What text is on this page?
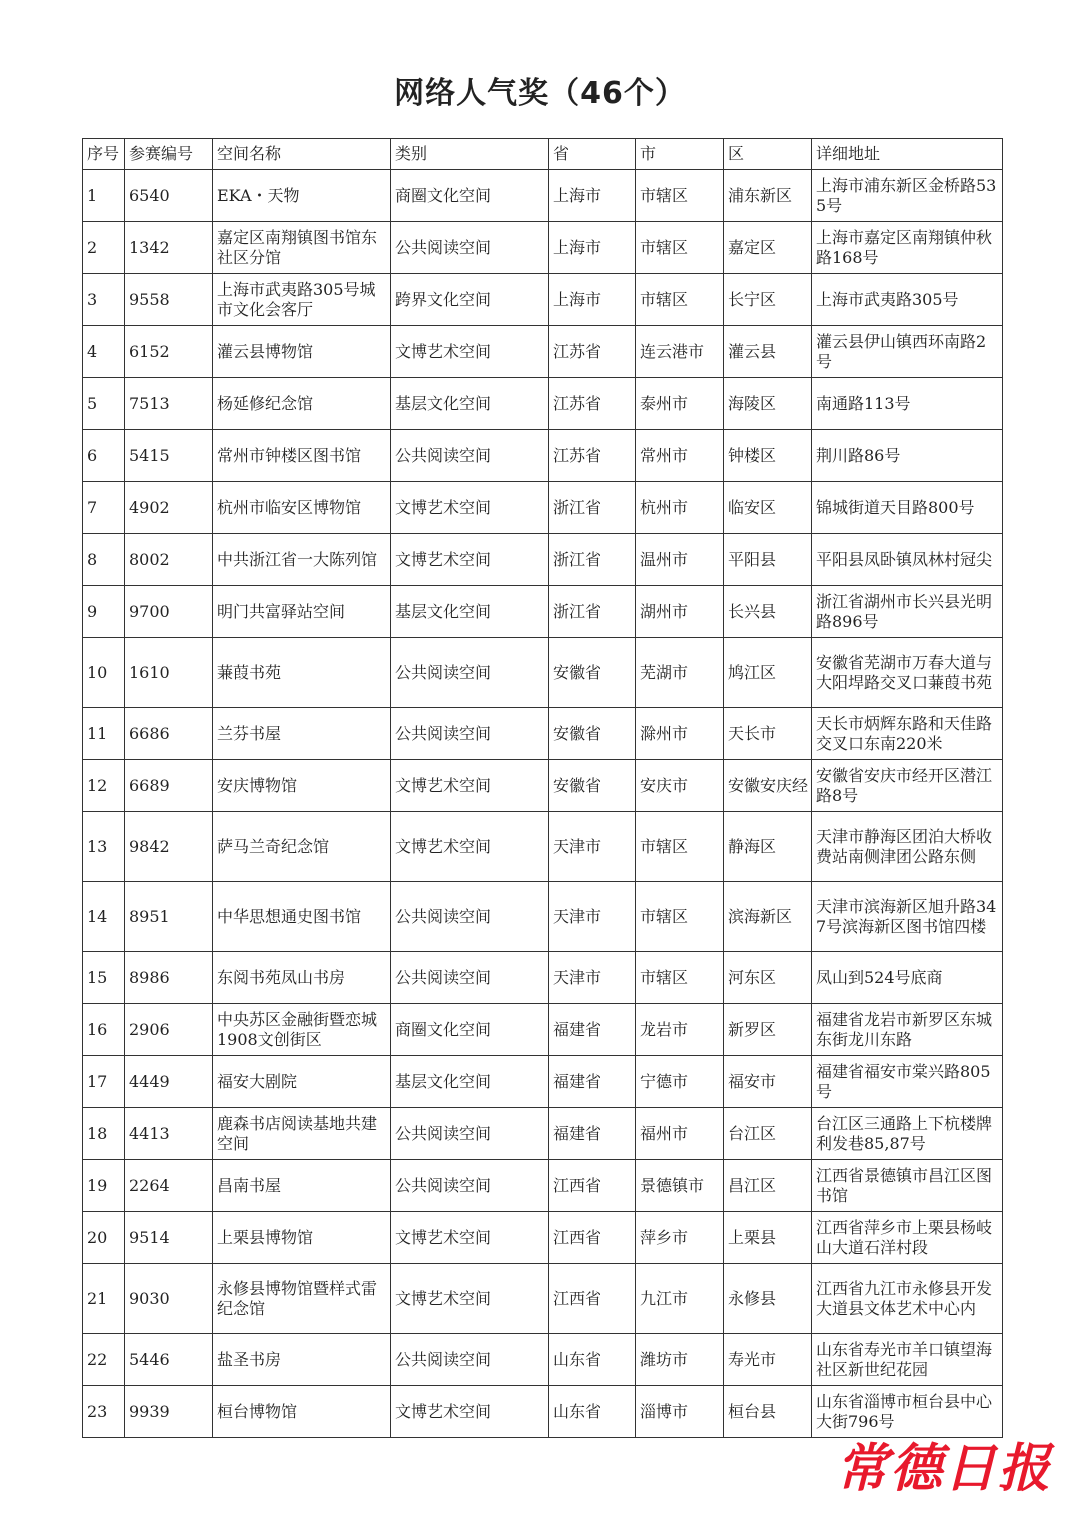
网络人气奖（46个）
序号	参赛编号	空间名称	类别	省	市	区	详细地址
1	6540	EKA・天物	商圈文化空间	上海市	市辖区	浦东新区	上海市浦东新区金桥路535号
2	1342	嘉定区南翔镇图书馆东社区分馆	公共阅读空间	上海市	市辖区	嘉定区	上海市嘉定区南翔镇仲秋路168号
3	9558	上海市武夷路305号城市文化会客厅	跨界文化空间	上海市	市辖区	长宁区	上海市武夷路305号
4	6152	灌云县博物馆	文博艺术空间	江苏省	连云港市	灌云县	灌云县伊山镇西环南路2号
5	7513	杨延修纪念馆	基层文化空间	江苏省	泰州市	海陵区	南通路113号
6	5415	常州市钟楼区图书馆	公共阅读空间	江苏省	常州市	钟楼区	荆川路86号
7	4902	杭州市临安区博物馆	文博艺术空间	浙江省	杭州市	临安区	锦城街道天目路800号
8	8002	中共浙江省一大陈列馆	文博艺术空间	浙江省	温州市	平阳县	平阳县凤卧镇凤林村冠尖
9	9700	明门共富驿站空间	基层文化空间	浙江省	湖州市	长兴县	浙江省湖州市长兴县光明路896号
10	1610	蒹葭书苑	公共阅读空间	安徽省	芜湖市	鸠江区	安徽省芜湖市万春大道与大阳垾路交叉口蒹葭书苑
11	6686	兰芬书屋	公共阅读空间	安徽省	滁州市	天长市	天长市炳辉东路和天佳路交叉口东南220米
12	6689	安庆博物馆	文博艺术空间	安徽省	安庆市	安徽安庆经	安徽省安庆市经开区潜江路8号
13	9842	萨马兰奇纪念馆	文博艺术空间	天津市	市辖区	静海区	天津市静海区团泊大桥收费站南侧津团公路东侧
14	8951	中华思想通史图书馆	公共阅读空间	天津市	市辖区	滨海新区	天津市滨海新区旭升路347号滨海新区图书馆四楼
15	8986	东阅书苑凤山书房	公共阅读空间	天津市	市辖区	河东区	凤山到524号底商
16	2906	中央苏区金融街暨恋城1908文创街区	商圈文化空间	福建省	龙岩市	新罗区	福建省龙岩市新罗区东城东街龙川东路
17	4449	福安大剧院	基层文化空间	福建省	宁德市	福安市	福建省福安市棠兴路805号
18	4413	鹿森书店阅读基地共建空间	公共阅读空间	福建省	福州市	台江区	台江区三通路上下杭楼牌利发巷85,87号
19	2264	昌南书屋	公共阅读空间	江西省	景德镇市	昌江区	江西省景德镇市昌江区图书馆
20	9514	上栗县博物馆	文博艺术空间	江西省	萍乡市	上栗县	江西省萍乡市上栗县杨岐山大道石洋村段
21	9030	永修县博物馆暨样式雷纪念馆	文博艺术空间	江西省	九江市	永修县	江西省九江市永修县开发大道县文体艺术中心内
22	5446	盐圣书房	公共阅读空间	山东省	潍坊市	寿光市	山东省寿光市羊口镇望海社区新世纪花园
23	9939	桓台博物馆	文博艺术空间	山东省	淄博市	桓台县	山东省淄博市桓台县中心大街796号
常德日报
